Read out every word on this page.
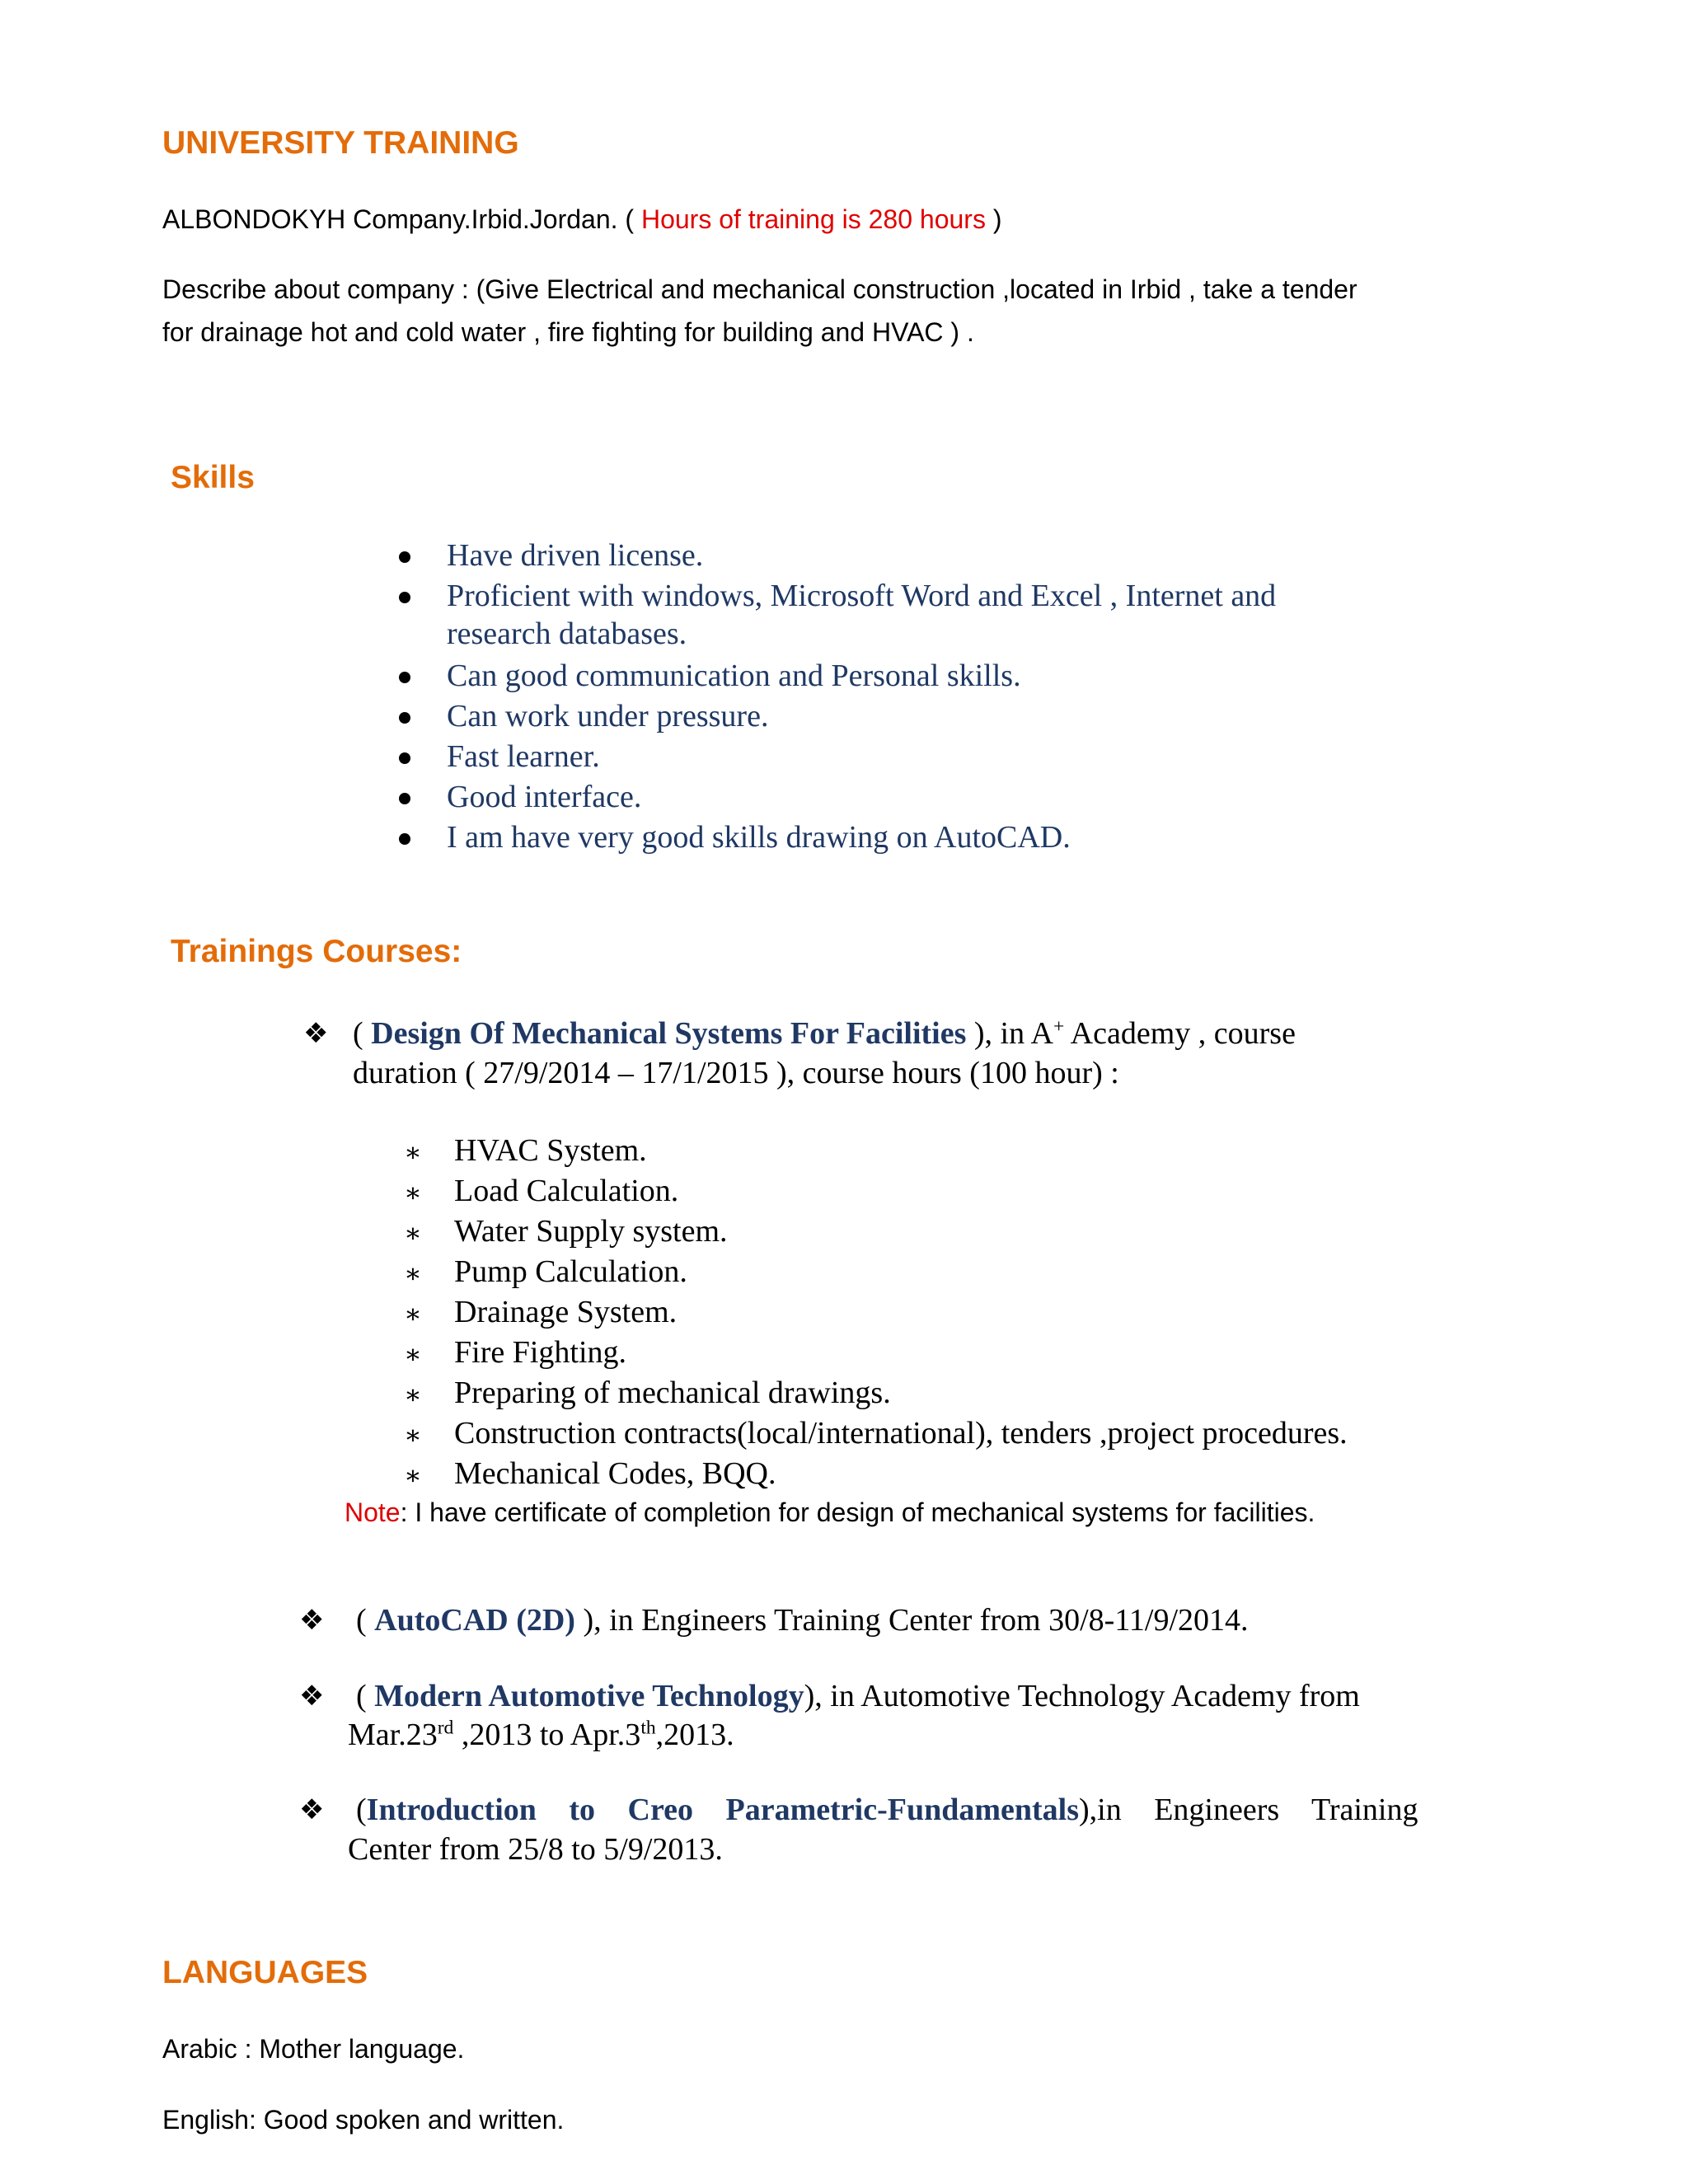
UNIVERSITY TRAINING
ALBONDOKYH Company.Irbid.Jordan. ( Hours of training is 280 hours )
Describe about company : (Give Electrical and mechanical construction ,located in Irbid , take a tender
for drainage hot and cold water , fire fighting for building and HVAC ) .
Skills
Have driven license.
Proficient with windows, Microsoft Word and Excel , Internet and
research databases.
Can good communication and Personal skills.
Can work under pressure.
Fast learner.
Good interface.
I am have very good skills drawing on AutoCAD.
Trainings Courses:
❖ ( Design Of Mechanical Systems For Facilities ), in A+ Academy , course
duration ( 27/9/2014 – 17/1/2015 ), course hours (100 hour) :
∗ HVAC System.
∗ Load Calculation.
∗ Water Supply system.
∗ Pump Calculation.
∗ Drainage System.
∗ Fire Fighting.
∗ Preparing of mechanical drawings.
∗ Construction contracts(local/international), tenders ,project procedures.
∗ Mechanical Codes, BQQ.
Note: I have certificate of completion for design of mechanical systems for facilities.
❖ ( AutoCAD (2D) ), in Engineers Training Center from 30/8-11/9/2014.
❖ ( Modern Automotive Technology), in Automotive Technology Academy from
Mar.23rd ,2013 to Apr.3th,2013.
❖ (Introduction to Creo Parametric-Fundamentals),in Engineers Training
Center from 25/8 to 5/9/2013.
LANGUAGES
Arabic : Mother language.
English: Good spoken and written.
